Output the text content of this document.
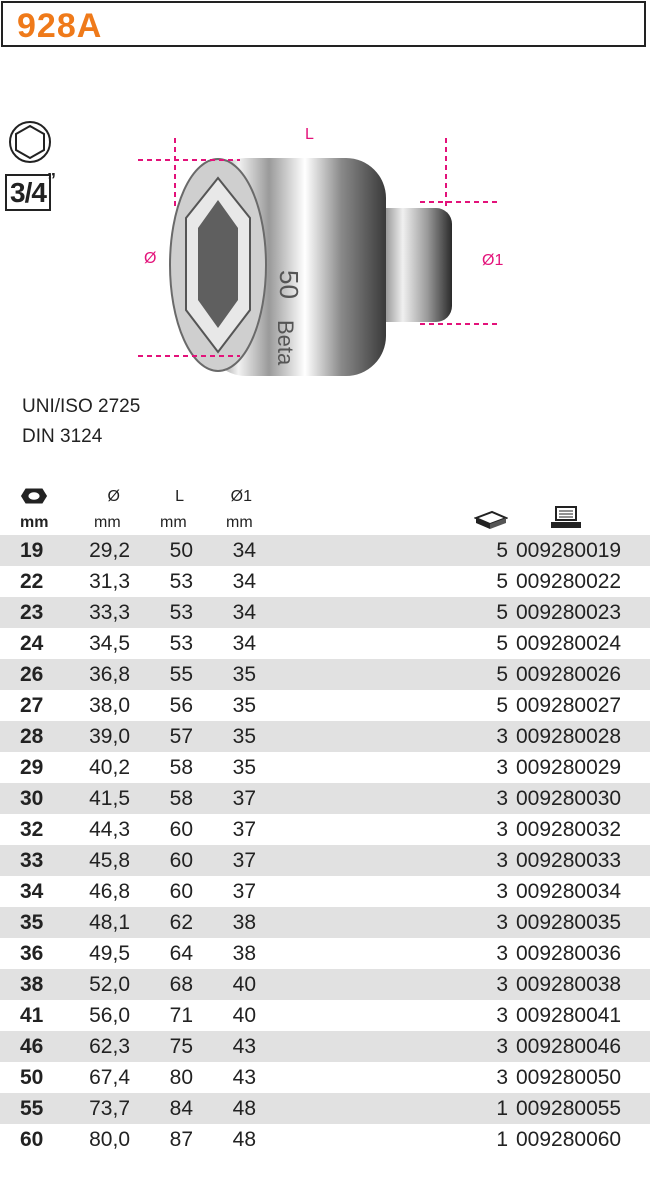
928A
3/4 ”
50
Beta
L
Ø	Ø1
UNI/ISO 2725
DIN 3124
Ø	L	Ø1
mm	mm mm mm
19	29,2	50	34	5 009280019
22	31,3	53	34	5 009280022
23	33,3	53	34	5 009280023
24	34,5	53	34	5 009280024
26	36,8	55	35	5 009280026
27	38,0	56	35	5 009280027
28	39,0	57	35	3 009280028
29	40,2	58	35	3 009280029
30	41,5	58	37	3 009280030
32	44,3	60	37	3 009280032
33	45,8	60	37	3 009280033
34	46,8	60	37	3 009280034
35	48,1	62	38	3 009280035
36	49,5	64	38	3 009280036
38	52,0	68	40	3 009280038
41	56,0	71	40	3 009280041
46	62,3	75	43	3 009280046
50	67,4	80	43	3 009280050
55	73,7	84	48	1 009280055
60	80,0	87	48	1 009280060
